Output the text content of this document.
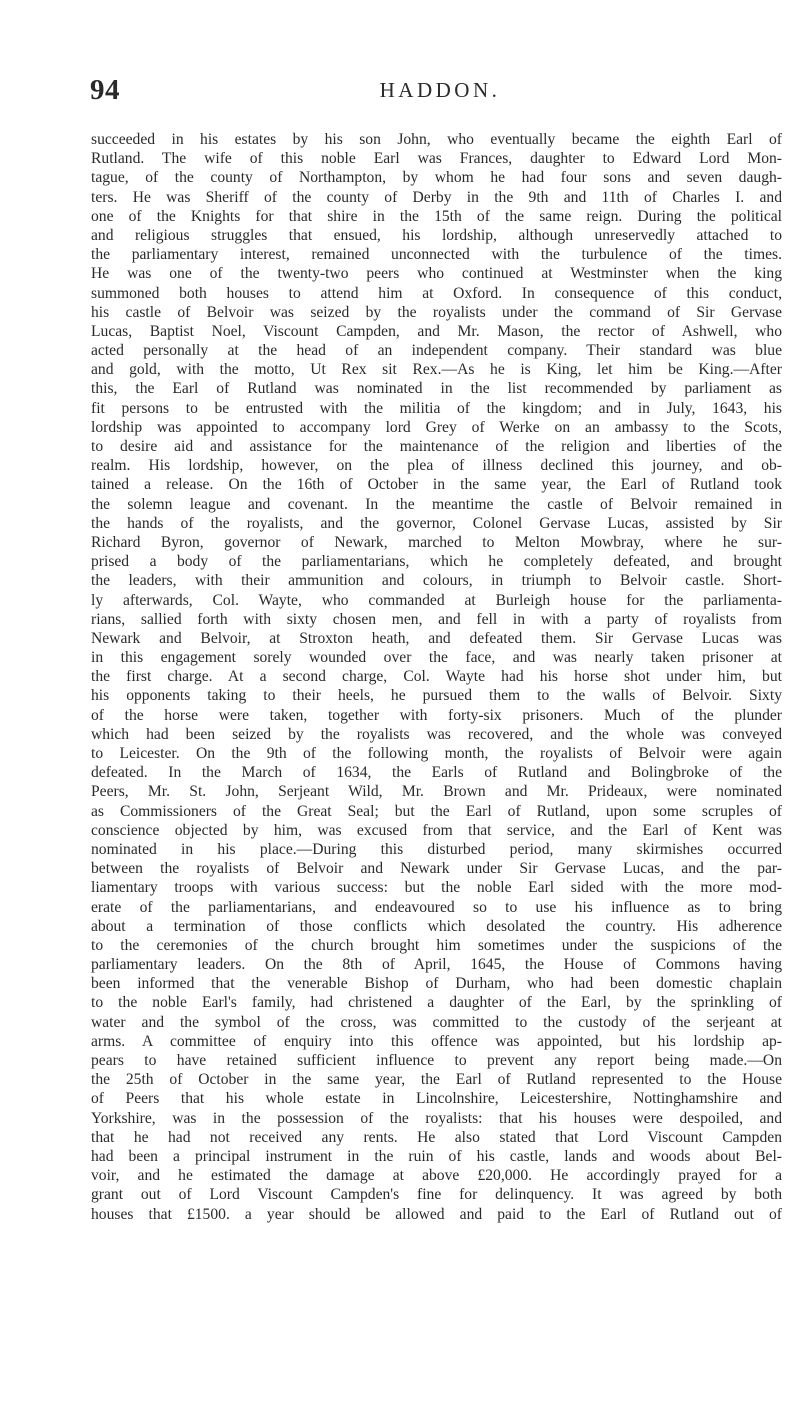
94	HADDON.
succeeded in his estates by his son John, who eventually became the eighth Earl of
Rutland. The wife of this noble Earl was Frances, daughter to Edward Lord Mon-
tague, of the county of Northampton, by whom he had four sons and seven daugh-
ters. He was Sheriff of the county of Derby in the 9th and 11th of Charles I. and
one of the Knights for that shire in the 15th of the same reign. During the political
and religious struggles that ensued, his lordship, although unreservedly attached to
the parliamentary interest, remained unconnected with the turbulence of the times.
He was one of the twenty-two peers who continued at Westminster when the king
summoned both houses to attend him at Oxford. In consequence of this conduct,
his castle of Belvoir was seized by the royalists under the command of Sir Gervase
Lucas, Baptist Noel, Viscount Campden, and Mr. Mason, the rector of Ashwell, who
acted personally at the head of an independent company. Their standard was blue
and gold, with the motto, Ut Rex sit Rex.—As he is King, let him be King.—After
this, the Earl of Rutland was nominated in the list recommended by parliament as
fit persons to be entrusted with the militia of the kingdom; and in July, 1643, his
lordship was appointed to accompany lord Grey of Werke on an ambassy to the Scots,
to desire aid and assistance for the maintenance of the religion and liberties of the
realm. His lordship, however, on the plea of illness declined this journey, and ob-
tained a release. On the 16th of October in the same year, the Earl of Rutland took
the solemn league and covenant. In the meantime the castle of Belvoir remained in
the hands of the royalists, and the governor, Colonel Gervase Lucas, assisted by Sir
Richard Byron, governor of Newark, marched to Melton Mowbray, where he sur-
prised a body of the parliamentarians, which he completely defeated, and brought
the leaders, with their ammunition and colours, in triumph to Belvoir castle. Short-
ly afterwards, Col. Wayte, who commanded at Burleigh house for the parliamenta-
rians, sallied forth with sixty chosen men, and fell in with a party of royalists from
Newark and Belvoir, at Stroxton heath, and defeated them. Sir Gervase Lucas was
in this engagement sorely wounded over the face, and was nearly taken prisoner at
the first charge. At a second charge, Col. Wayte had his horse shot under him, but
his opponents taking to their heels, he pursued them to the walls of Belvoir. Sixty
of the horse were taken, together with forty-six prisoners. Much of the plunder
which had been seized by the royalists was recovered, and the whole was conveyed
to Leicester. On the 9th of the following month, the royalists of Belvoir were again
defeated. In the March of 1634, the Earls of Rutland and Bolingbroke of the
Peers, Mr. St. John, Serjeant Wild, Mr. Brown and Mr. Prideaux, were nominated
as Commissioners of the Great Seal; but the Earl of Rutland, upon some scruples of
conscience objected by him, was excused from that service, and the Earl of Kent was
nominated in his place.—During this disturbed period, many skirmishes occurred
between the royalists of Belvoir and Newark under Sir Gervase Lucas, and the par-
liamentary troops with various success: but the noble Earl sided with the more mod-
erate of the parliamentarians, and endeavoured so to use his influence as to bring
about a termination of those conflicts which desolated the country. His adherence
to the ceremonies of the church brought him sometimes under the suspicions of the
parliamentary leaders. On the 8th of April, 1645, the House of Commons having
been informed that the venerable Bishop of Durham, who had been domestic chaplain
to the noble Earl's family, had christened a daughter of the Earl, by the sprinkling of
water and the symbol of the cross, was committed to the custody of the serjeant at
arms. A committee of enquiry into this offence was appointed, but his lordship ap-
pears to have retained sufficient influence to prevent any report being made.—On
the 25th of October in the same year, the Earl of Rutland represented to the House
of Peers that his whole estate in Lincolnshire, Leicestershire, Nottinghamshire and
Yorkshire, was in the possession of the royalists: that his houses were despoiled, and
that he had not received any rents. He also stated that Lord Viscount Campden
had been a principal instrument in the ruin of his castle, lands and woods about Bel-
voir, and he estimated the damage at above £20,000. He accordingly prayed for a
grant out of Lord Viscount Campden's fine for delinquency. It was agreed by both
houses that £1500. a year should be allowed and paid to the Earl of Rutland out of
